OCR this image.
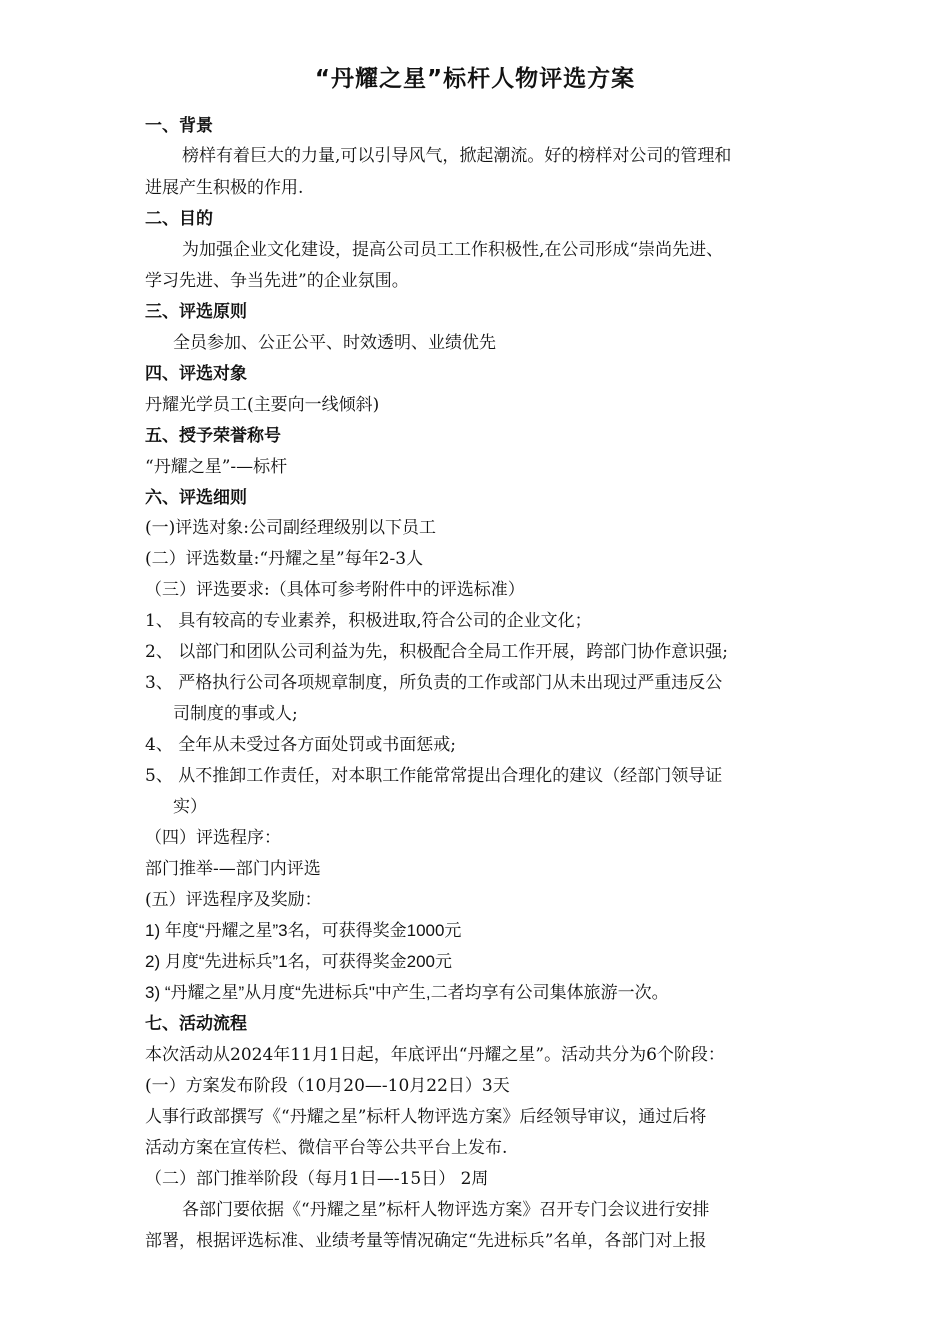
“丹耀之星”标杆人物评选方案
一、背景
榜样有着巨大的力量,可以引导风气，掀起潮流。好的榜样对公司的管理和
进展产生积极的作用.
二、目的
为加强企业文化建设，提高公司员工工作积极性,在公司形成“崇尚先进、
学习先进、争当先进”的企业氛围。
三、评选原则
全员参加、公正公平、时效透明、业绩优先
四、评选对象
丹耀光学员工(主要向一线倾斜)
五、授予荣誉称号
“丹耀之星”-—标杆
六、评选细则
(一)评选对象:公司副经理级别以下员工
(二）评选数量:“丹耀之星”每年2-3人
（三）评选要求:（具体可参考附件中的评选标准）
1、 具有较高的专业素养，积极进取,符合公司的企业文化；
2、 以部门和团队公司利益为先，积极配合全局工作开展，跨部门协作意识强;
3、 严格执行公司各项规章制度，所负责的工作或部门从未出现过严重违反公
司制度的事或人;
4、 全年从未受过各方面处罚或书面惩戒;
5、 从不推卸工作责任，对本职工作能常常提出合理化的建议（经部门领导证
实）
（四）评选程序：
部门推举-—部门内评选
(五）评选程序及奖励：
1) 年度“丹耀之星”3名，可获得奖金1000元
2) 月度“先进标兵”1名，可获得奖金200元
3) “丹耀之星”从月度“先进标兵"中产生,二者均享有公司集体旅游一次。
七、活动流程
本次活动从2024年11月1日起，年底评出“丹耀之星”。活动共分为6个阶段：
(一）方案发布阶段（10月20—-10月22日）3天
人事行政部撰写《“丹耀之星”标杆人物评选方案》后经领导审议，通过后将
活动方案在宣传栏、微信平台等公共平台上发布.
（二）部门推举阶段（每月1日—-15日） 2周
各部门要依据《“丹耀之星”标杆人物评选方案》召开专门会议进行安排
部署，根据评选标准、业绩考量等情况确定“先进标兵”名单，各部门对上报
